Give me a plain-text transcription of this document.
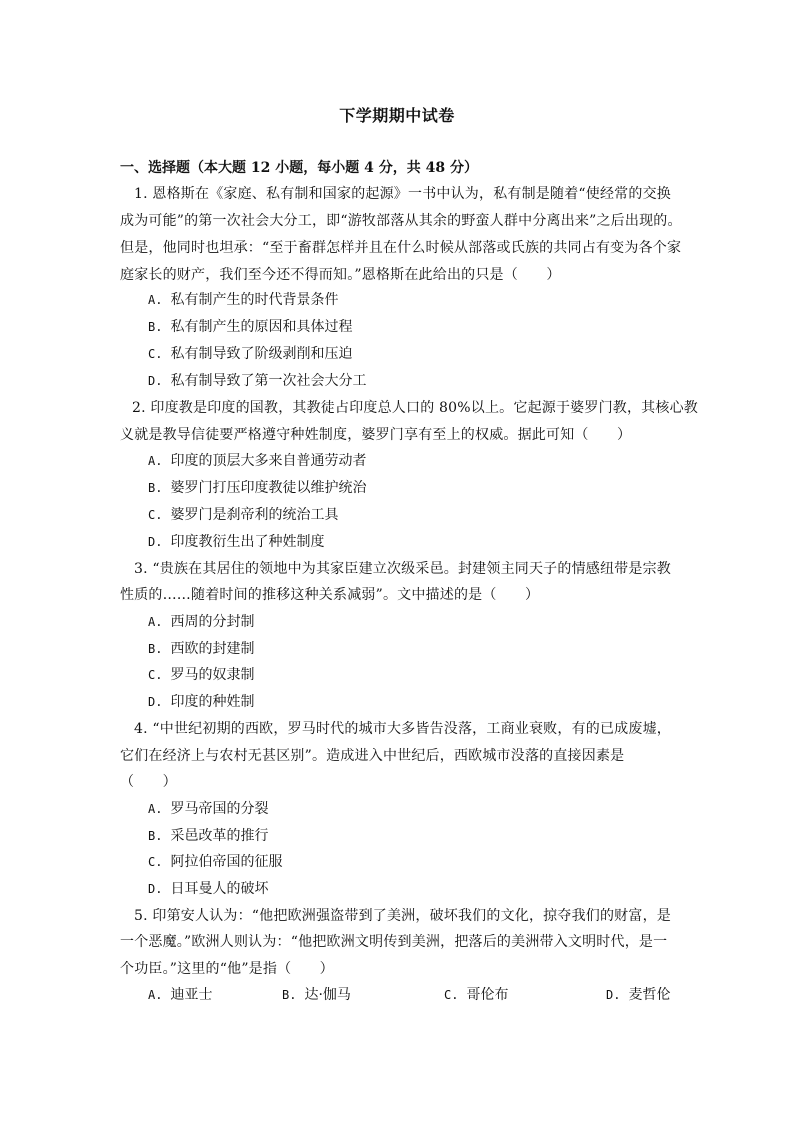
下学期期中试卷
一、选择题（本大题 12 小题，每小题 4 分，共 48 分）
1. 恩格斯在《家庭、私有制和国家的起源》一书中认为，私有制是随着“使经常的交换
成为可能”的第一次社会大分工，即“游牧部落从其余的野蛮人群中分离出来”之后出现的。
但是，他同时也坦承：“至于畜群怎样并且在什么时候从部落或氏族的共同占有变为各个家
庭家长的财产，我们至今还不得而知。”恩格斯在此给出的只是（　　）
A. 私有制产生的时代背景条件
B. 私有制产生的原因和具体过程
C. 私有制导致了阶级剥削和压迫
D. 私有制导致了第一次社会大分工
2. 印度教是印度的国教，其教徒占印度总人口的 80%以上。它起源于婆罗门教，其核心教
义就是教导信徒要严格遵守种姓制度，婆罗门享有至上的权威。据此可知（　　）
A. 印度的顶层大多来自普通劳动者
B. 婆罗门打压印度教徒以维护统治
C. 婆罗门是刹帝利的统治工具
D. 印度教衍生出了种姓制度
3. “贵族在其居住的领地中为其家臣建立次级采邑。封建领主同天子的情感纽带是宗教
性质的……随着时间的推移这种关系减弱”。文中描述的是（　　）
A. 西周的分封制
B. 西欧的封建制
C. 罗马的奴隶制
D. 印度的种姓制
4. “中世纪初期的西欧，罗马时代的城市大多皆告没落，工商业衰败，有的已成废墟，
它们在经济上与农村无甚区别”。造成进入中世纪后，西欧城市没落的直接因素是
（　　）
A. 罗马帝国的分裂
B. 采邑改革的推行
C. 阿拉伯帝国的征服
D. 日耳曼人的破坏
5. 印第安人认为：“他把欧洲强盗带到了美洲，破坏我们的文化，掠夺我们的财富，是
一个恶魔。”欧洲人则认为：“他把欧洲文明传到美洲，把落后的美洲带入文明时代，是一
个功臣。”这里的“他”是指（　　）
A. 迪亚士	B. 达·伽马	C. 哥伦布	D. 麦哲伦
